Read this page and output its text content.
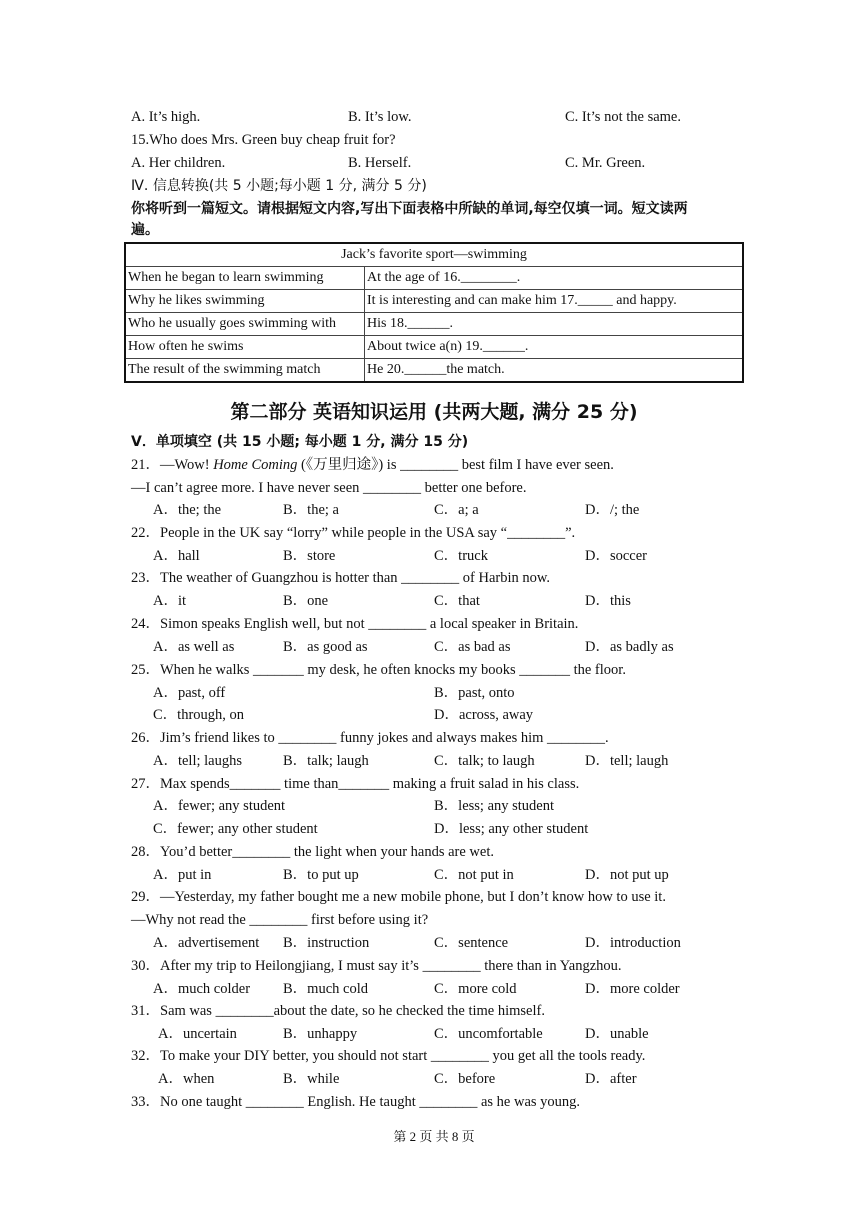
A. It’s high.	B. It’s low.	C. It’s not the same.
15.Who does Mrs. Green buy cheap fruit for?
A. Her children.	B. Herself.	C. Mr. Green.
Ⅳ. 信息转换(共 5 小题;每小题 1 分, 满分 5 分)
你将听到一篇短文。请根据短文内容,写出下面表格中所缺的单词,每空仅填一词。短文读两
遍。
Jack’s favorite sport—swimming	
When he began to learn swimming	At the age of 16.________.
Why he likes swimming	It is interesting and can make him 17._____ and happy.
Who he usually goes swimming with	His 18.______.
How often he swims	About twice a(n) 19.______.
The result of the swimming match	He 20.______the match.
第二部分 英语知识运用 (共两大题, 满分 25 分)
V．单项填空 (共 15 小题; 每小题 1 分, 满分 15 分)
21．—Wow! Home Coming (《万里归途》) is ________ best film I have ever seen.
—I can’t agree more. I have never seen ________ better one before.
A．the; the	B．the; a	C．a; a	D．/; the
22．People in the UK say “lorry” while people in the USA say “________”.
A．hall	B．store	C．truck	D．soccer
23．The weather of Guangzhou is hotter than ________ of Harbin now.
A．it	B．one	C．that	D．this
24．Simon speaks English well, but not ________ a local speaker in Britain.
A．as well as	B．as good as	C．as bad as	D．as badly as
25．When he walks _______ my desk, he often knocks my books _______ the floor.
A．past, off	B．past, onto
C．through, on	D．across, away
26．Jim’s friend likes to ________ funny jokes and always makes him ________.
A．tell; laughs	B．talk; laugh	C．talk; to laugh	D．tell; laugh
27．Max spends_______ time than_______ making a fruit salad in his class.
A．fewer; any student	B．less; any student
C．fewer; any other student	D．less; any other student
28．You’d better________ the light when your hands are wet.
A．put in	B．to put up	C．not put in	D．not put up
29．—Yesterday, my father bought me a new mobile phone, but I don’t know how to use it.
—Why not read the ________ first before using it?
A．advertisement B．instruction	C．sentence	D．introduction
30．After my trip to Heilongjiang, I must say it’s ________ there than in Yangzhou.
A．much colder B．much cold	C．more cold	D．more colder
31．Sam was ________about the date, so he checked the time himself.
A．uncertain	B．unhappy	C．uncomfortable	D．unable
32．To make your DIY better, you should not start ________ you get all the tools ready.
A．when	B．while	C．before	D．after
33．No one taught ________ English. He taught ________ as he was young.
第 2 页 共 8 页
